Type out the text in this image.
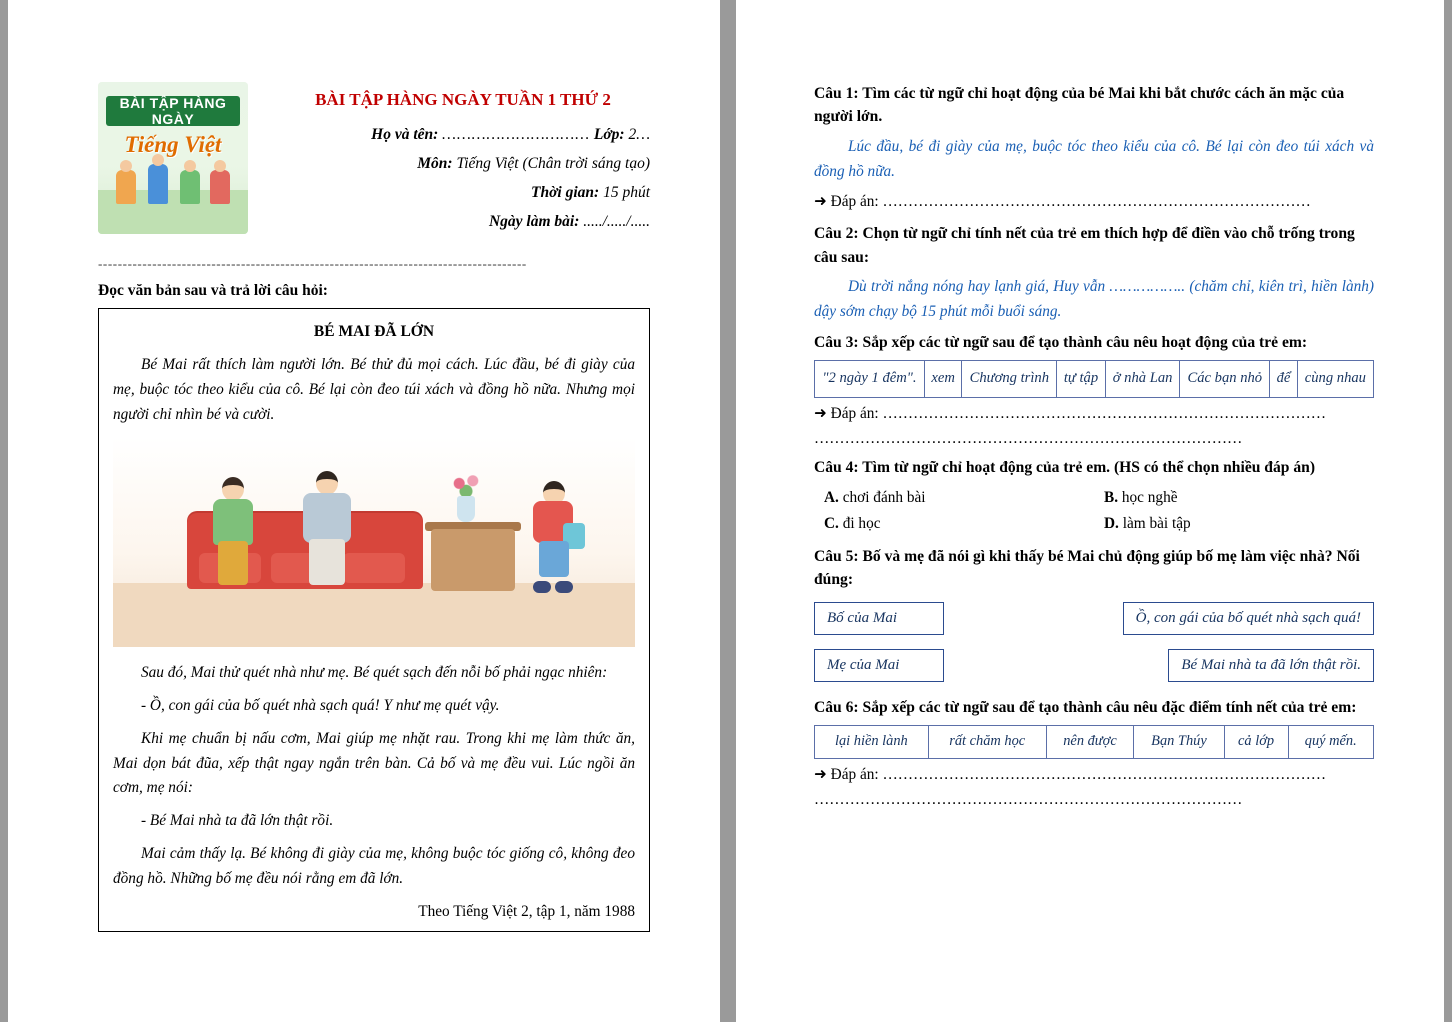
BÀI TẬP HÀNG NGÀY
Tiếng Việt
BÀI TẬP HÀNG NGÀY TUẦN 1 THỨ 2
Họ và tên: ………………………… Lớp: 2…
Môn: Tiếng Việt (Chân trời sáng tạo)
Thời gian: 15 phút
Ngày làm bài: ...../...../.....
---------------------------------------------------------------------------------------
Đọc văn bản sau và trả lời câu hỏi:
BÉ MAI ĐÃ LỚN

Bé Mai rất thích làm người lớn. Bé thử đủ mọi cách. Lúc đầu, bé đi giày của mẹ, buộc tóc theo kiểu của cô. Bé lại còn đeo túi xách và đồng hồ nữa. Nhưng mọi người chỉ nhìn bé và cười.

Sau đó, Mai thử quét nhà như mẹ. Bé quét sạch đến nỗi bố phải ngạc nhiên:

- Ồ, con gái của bố quét nhà sạch quá! Y như mẹ quét vậy.

Khi mẹ chuẩn bị nấu cơm, Mai giúp mẹ nhặt rau. Trong khi mẹ làm thức ăn, Mai dọn bát đũa, xếp thật ngay ngắn trên bàn. Cả bố và mẹ đều vui. Lúc ngồi ăn cơm, mẹ nói:

- Bé Mai nhà ta đã lớn thật rồi.

Mai cảm thấy lạ. Bé không đi giày của mẹ, không buộc tóc giống cô, không đeo đồng hồ. Những bố mẹ đều nói rằng em đã lớn.

Theo Tiếng Việt 2, tập 1, năm 1988
Câu 1: Tìm các từ ngữ chỉ hoạt động của bé Mai khi bắt chước cách ăn mặc của người lớn.
Lúc đầu, bé đi giày của mẹ, buộc tóc theo kiểu của cô. Bé lại còn đeo túi xách và đồng hồ nữa.
➜ Đáp án: …………………………………………………………………………
Câu 2: Chọn từ ngữ chỉ tính nết của trẻ em thích hợp để điền vào chỗ trống trong câu sau:
Dù trời nắng nóng hay lạnh giá, Huy vẫn …………….. (chăm chỉ, kiên trì, hiền lành) dậy sớm chạy bộ 15 phút mỗi buổi sáng.
Câu 3: Sắp xếp các từ ngữ sau để tạo thành câu nêu hoạt động của trẻ em:
"2 ngày 1 đêm".	xem	Chương trình	tự tập	ở nhà Lan	Các bạn nhỏ	để	cùng nhau
➜ Đáp án: ……………………………………………………………………………
…………………………………………………………………………
Câu 4: Tìm từ ngữ chỉ hoạt động của trẻ em. (HS có thể chọn nhiều đáp án)
A. chơi đánh bài	B. học nghề
C. đi học	D. làm bài tập
Câu 5: Bố và mẹ đã nói gì khi thấy bé Mai chủ động giúp bố mẹ làm việc nhà? Nối đúng:
Bố của Mai	Ồ, con gái của bố quét nhà sạch quá!
Mẹ của Mai	Bé Mai nhà ta đã lớn thật rồi.
Câu 6: Sắp xếp các từ ngữ sau để tạo thành câu nêu đặc điểm tính nết của trẻ em:
lại hiền lành	rất chăm học	nên được	Bạn Thúy	cả lớp	quý mến.
➜ Đáp án: ……………………………………………………………………………
…………………………………………………………………………
